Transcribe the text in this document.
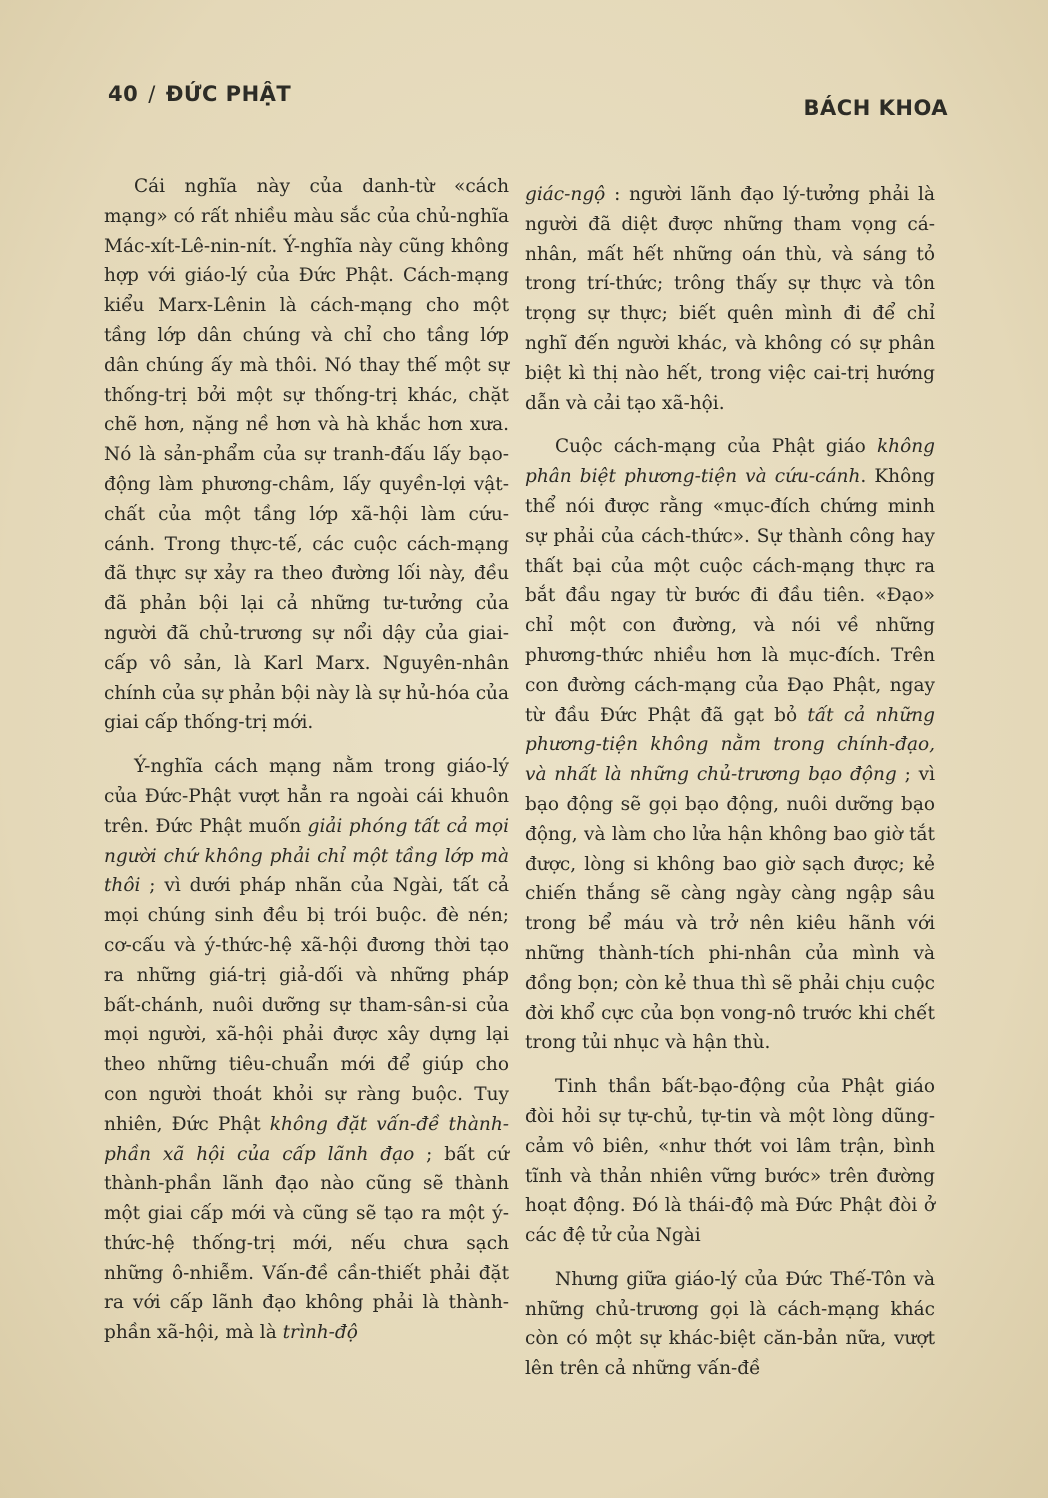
40 / ĐỨC PHẬT
BÁCH KHOA

Cái nghĩa này của danh-từ «cách mạng» có rất nhiều màu sắc của chủ-nghĩa Mác-xít-Lê-nin-nít. Ý-nghĩa này cũng không hợp với giáo-lý của Đức Phật. Cách-mạng kiểu Marx-Lênin là cách-mạng cho một tầng lớp dân chúng và chỉ cho tầng lớp dân chúng ấy mà thôi. Nó thay thế một sự thống-trị bởi một sự thống-trị khác, chặt chẽ hơn, nặng nề hơn và hà khắc hơn xưa. Nó là sản-phẩm của sự tranh-đấu lấy bạo-động làm phương-châm, lấy quyền-lợi vật-chất của một tầng lớp xã-hội làm cứu-cánh. Trong thực-tế, các cuộc cách-mạng đã thực sự xảy ra theo đường lối này, đều đã phản bội lại cả những tư-tưởng của người đã chủ-trương sự nổi dậy của giai-cấp vô sản, là Karl Marx. Nguyên-nhân chính của sự phản bội này là sự hủ-hóa của giai cấp thống-trị mới.

Ý-nghĩa cách mạng nằm trong giáo-lý của Đức-Phật vượt hẳn ra ngoài cái khuôn trên. Đức Phật muốn giải phóng tất cả mọi người chứ không phải chỉ một tầng lớp mà thôi ; vì dưới pháp nhãn của Ngài, tất cả mọi chúng sinh đều bị trói buộc. đè nén; cơ-cấu và ý-thức-hệ xã-hội đương thời tạo ra những giá-trị giả-dối và những pháp bất-chánh, nuôi dưỡng sự tham-sân-si của mọi người, xã-hội phải được xây dựng lại theo những tiêu-chuẩn mới để giúp cho con người thoát khỏi sự ràng buộc. Tuy nhiên, Đức Phật không đặt vấn-đề thành-phần xã hội của cấp lãnh đạo ; bất cứ thành-phần lãnh đạo nào cũng sẽ thành một giai cấp mới và cũng sẽ tạo ra một ý-thức-hệ thống-trị mới, nếu chưa sạch những ô-nhiễm. Vấn-đề cần-thiết phải đặt ra với cấp lãnh đạo không phải là thành-phần xã-hội, mà là trình-độ

giác-ngộ : người lãnh đạo lý-tưởng phải là người đã diệt được những tham vọng cá-nhân, mất hết những oán thù, và sáng tỏ trong trí-thức; trông thấy sự thực và tôn trọng sự thực; biết quên mình đi để chỉ nghĩ đến người khác, và không có sự phân biệt kì thị nào hết, trong việc cai-trị hướng dẫn và cải tạo xã-hội.

Cuộc cách-mạng của Phật giáo không phân biệt phương-tiện và cứu-cánh. Không thể nói được rằng «mục-đích chứng minh sự phải của cách-thức». Sự thành công hay thất bại của một cuộc cách-mạng thực ra bắt đầu ngay từ bước đi đầu tiên. «Đạo» chỉ một con đường, và nói về những phương-thức nhiều hơn là mục-đích. Trên con đường cách-mạng của Đạo Phật, ngay từ đầu Đức Phật đã gạt bỏ tất cả những phương-tiện không nằm trong chính-đạo, và nhất là những chủ-trương bạo động ; vì bạo động sẽ gọi bạo động, nuôi dưỡng bạo động, và làm cho lửa hận không bao giờ tắt được, lòng si không bao giờ sạch được; kẻ chiến thắng sẽ càng ngày càng ngập sâu trong bể máu và trở nên kiêu hãnh với những thành-tích phi-nhân của mình và đồng bọn; còn kẻ thua thì sẽ phải chịu cuộc đời khổ cực của bọn vong-nô trước khi chết trong tủi nhục và hận thù.

Tinh thần bất-bạo-động của Phật giáo đòi hỏi sự tự-chủ, tự-tin và một lòng dũng-cảm vô biên, «như thớt voi lâm trận, bình tĩnh và thản nhiên vững bước» trên đường hoạt động. Đó là thái-độ mà Đức Phật đòi ở các đệ tử của Ngài

Nhưng giữa giáo-lý của Đức Thế-Tôn và những chủ-trương gọi là cách-mạng khác còn có một sự khác-biệt căn-bản nữa, vượt lên trên cả những vấn-đề
